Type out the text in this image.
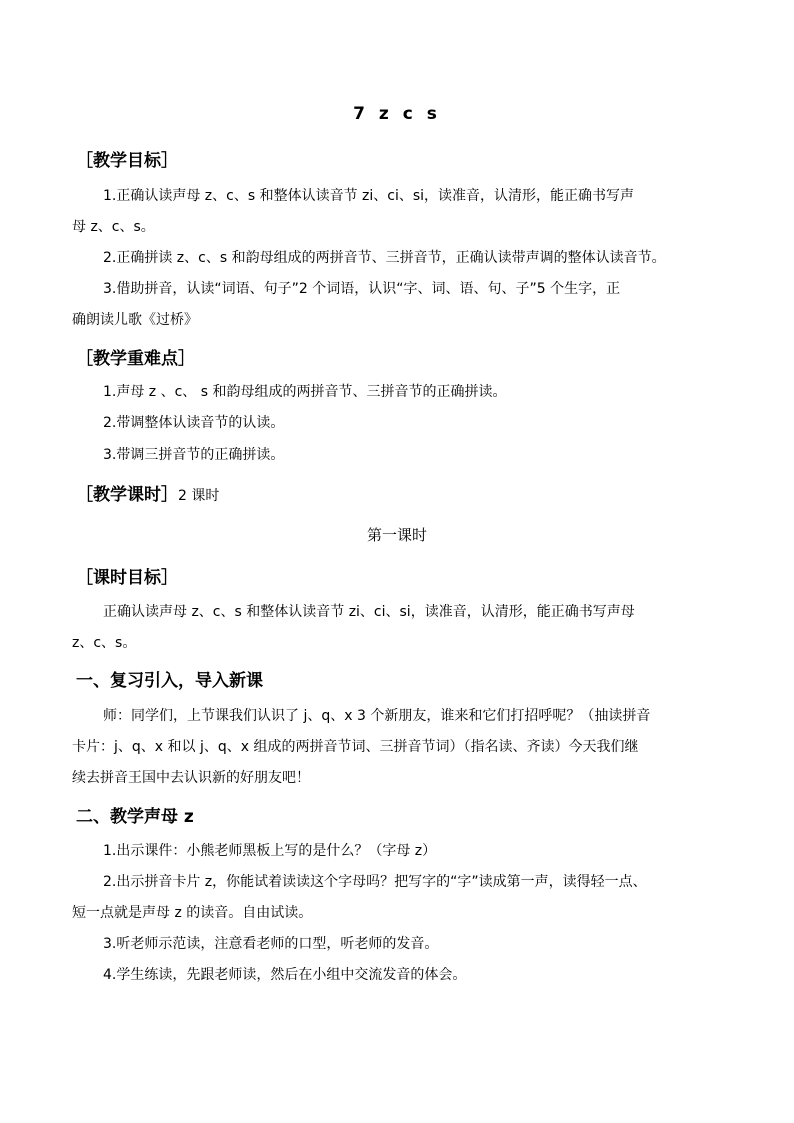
7 z c s
［教学目标］
1.正确认读声母 z、c、s 和整体认读音节 zi、ci、si，读准音，认清形，能正确书写声
母 z、c、s。
2.正确拼读 z、c、s 和韵母组成的两拼音节、三拼音节，正确认读带声调的整体认读音节。
3.借助拼音，认读“词语、句子”2 个词语，认识“字、词、语、句、子”5 个生字，正
确朗读儿歌《过桥》
［教学重难点］
1.声母 z 、c、 s 和韵母组成的两拼音节、三拼音节的正确拼读。
2.带调整体认读音节的认读。
3.带调三拼音节的正确拼读。
［教学课时］2 课时
第一课时
［课时目标］
正确认读声母 z、c、s 和整体认读音节 zi、ci、si，读准音，认清形，能正确书写声母
z、c、s。
一、复习引入，导入新课
师：同学们，上节课我们认识了 j、q、x 3 个新朋友，谁来和它们打招呼呢？（抽读拼音
卡片：j、q、x 和以 j、q、x 组成的两拼音节词、三拼音节词）（指名读、齐读）今天我们继
续去拼音王国中去认识新的好朋友吧！
二、教学声母 z
1.出示课件：小熊老师黑板上写的是什么？（字母 z）
2.出示拼音卡片 z，你能试着读读这个字母吗？把写字的“字”读成第一声，读得轻一点、
短一点就是声母 z 的读音。自由试读。
3.听老师示范读，注意看老师的口型，听老师的发音。
4.学生练读，先跟老师读，然后在小组中交流发音的体会。
